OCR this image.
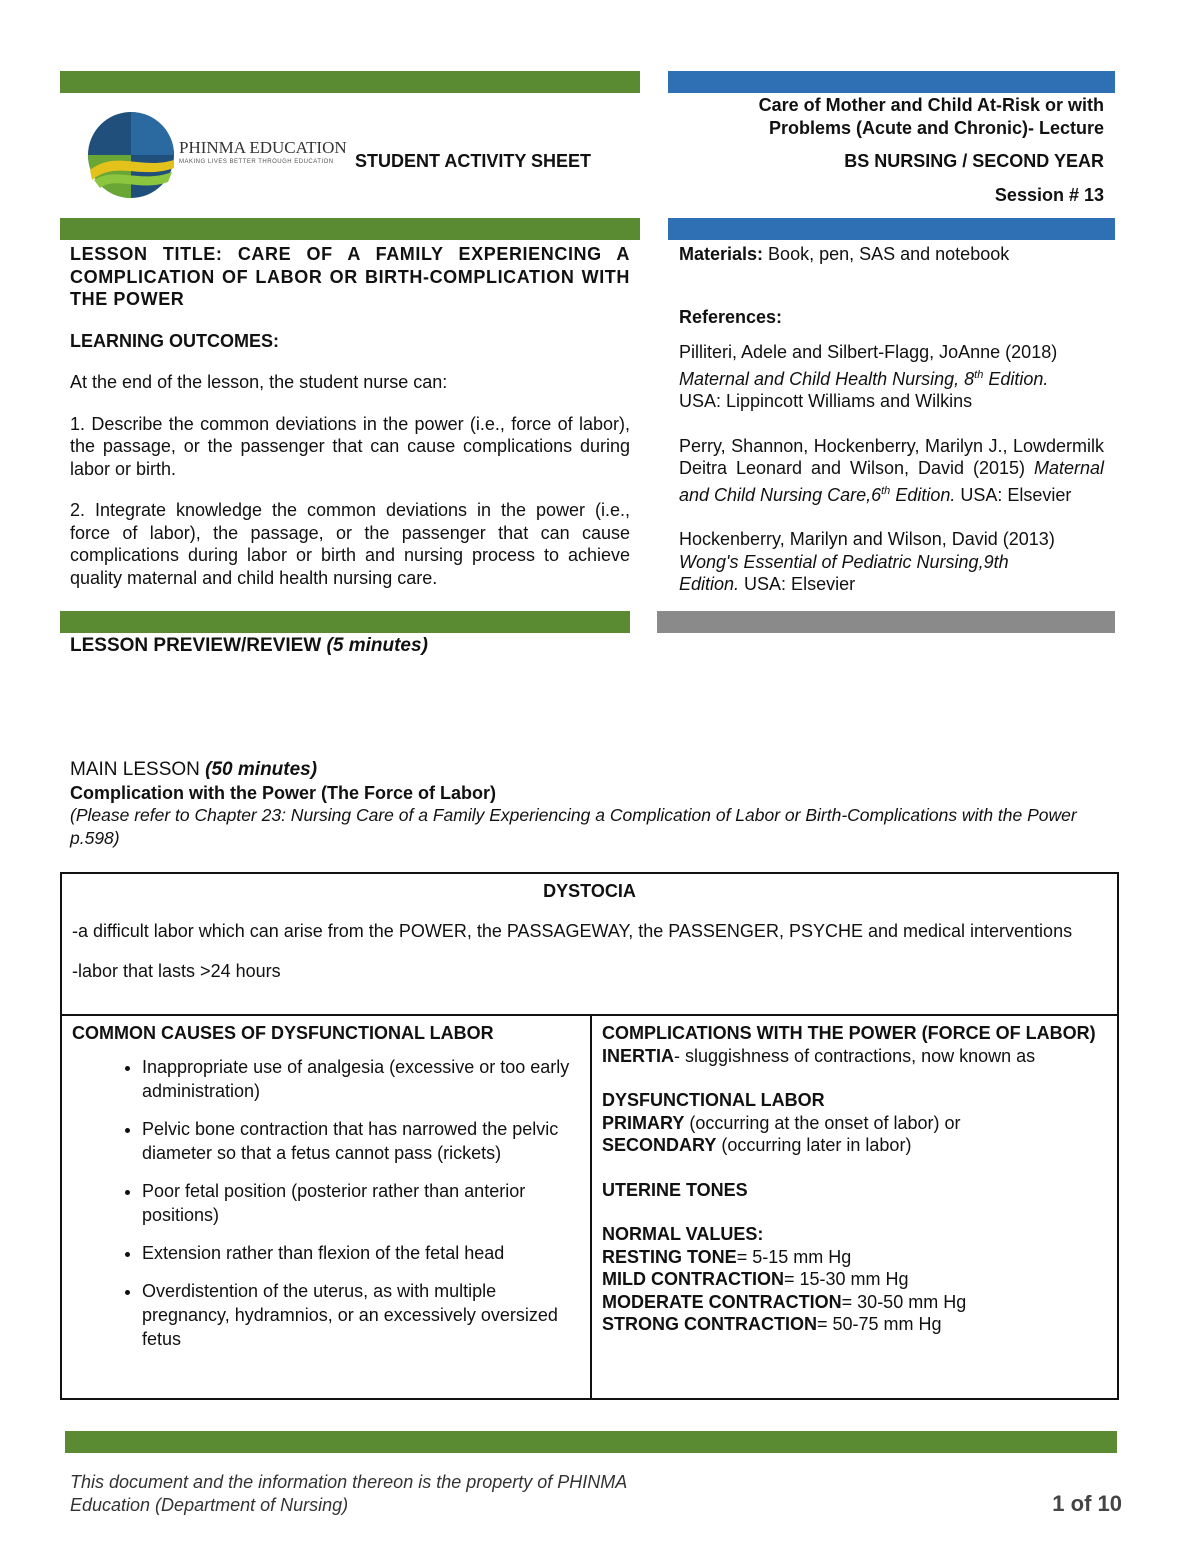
PHINMA EDUCATION
MAKING LIVES BETTER THROUGH EDUCATION STUDENT ACTIVITY SHEET
Care of Mother and Child At-Risk or with
Problems (Acute and Chronic)- Lecture
BS NURSING / SECOND YEAR
Session # 13

LESSON TITLE: CARE OF A FAMILY EXPERIENCING A COMPLICATION OF LABOR OR BIRTH-COMPLICATION WITH THE POWER

LEARNING OUTCOMES:

At the end of the lesson, the student nurse can:

1. Describe the common deviations in the power (i.e., force of labor), the passage, or the passenger that can cause complications during labor or birth.

2. Integrate knowledge the common deviations in the power (i.e., force of labor), the passage, or the passenger that can cause complications during labor or birth and nursing process to achieve quality maternal and child health nursing care.

Materials: Book, pen, SAS and notebook

References:

Pilliteri, Adele and Silbert-Flagg, JoAnne (2018)
Maternal and Child Health Nursing, 8th Edition.
USA: Lippincott Williams and Wilkins

Perry, Shannon, Hockenberry, Marilyn J., Lowdermilk Deitra Leonard and Wilson, David (2015) Maternal and Child Nursing Care,6th Edition. USA: Elsevier

Hockenberry, Marilyn and Wilson, David (2013)
Wong's Essential of Pediatric Nursing,9th
Edition. USA: Elsevier

LESSON PREVIEW/REVIEW (5 minutes)
MAIN LESSON (50 minutes)
Complication with the Power (The Force of Labor)
(Please refer to Chapter 23: Nursing Care of a Family Experiencing a Complication of Labor or Birth-Complications with the Power p.598)
DYSTOCIA
-a difficult labor which can arise from the POWER, the PASSAGEWAY, the PASSENGER, PSYCHE and medical interventions
-labor that lasts >24 hours

COMMON CAUSES OF DYSFUNCTIONAL LABOR
• Inappropriate use of analgesia (excessive or too early administration)
• Pelvic bone contraction that has narrowed the pelvic diameter so that a fetus cannot pass (rickets)
• Poor fetal position (posterior rather than anterior positions)
• Extension rather than flexion of the fetal head
• Overdistention of the uterus, as with multiple pregnancy, hydramnios, or an excessively oversized fetus

COMPLICATIONS WITH THE POWER (FORCE OF LABOR)
INERTIA- sluggishness of contractions, now known as
DYSFUNCTIONAL LABOR
PRIMARY (occurring at the onset of labor) or
SECONDARY (occurring later in labor)
UTERINE TONES
NORMAL VALUES:
RESTING TONE= 5-15 mm Hg
MILD CONTRACTION= 15-30 mm Hg
MODERATE CONTRACTION= 30-50 mm Hg
STRONG CONTRACTION= 50-75 mm Hg
This document and the information thereon is the property of PHINMA
Education (Department of Nursing)	1 of 10
